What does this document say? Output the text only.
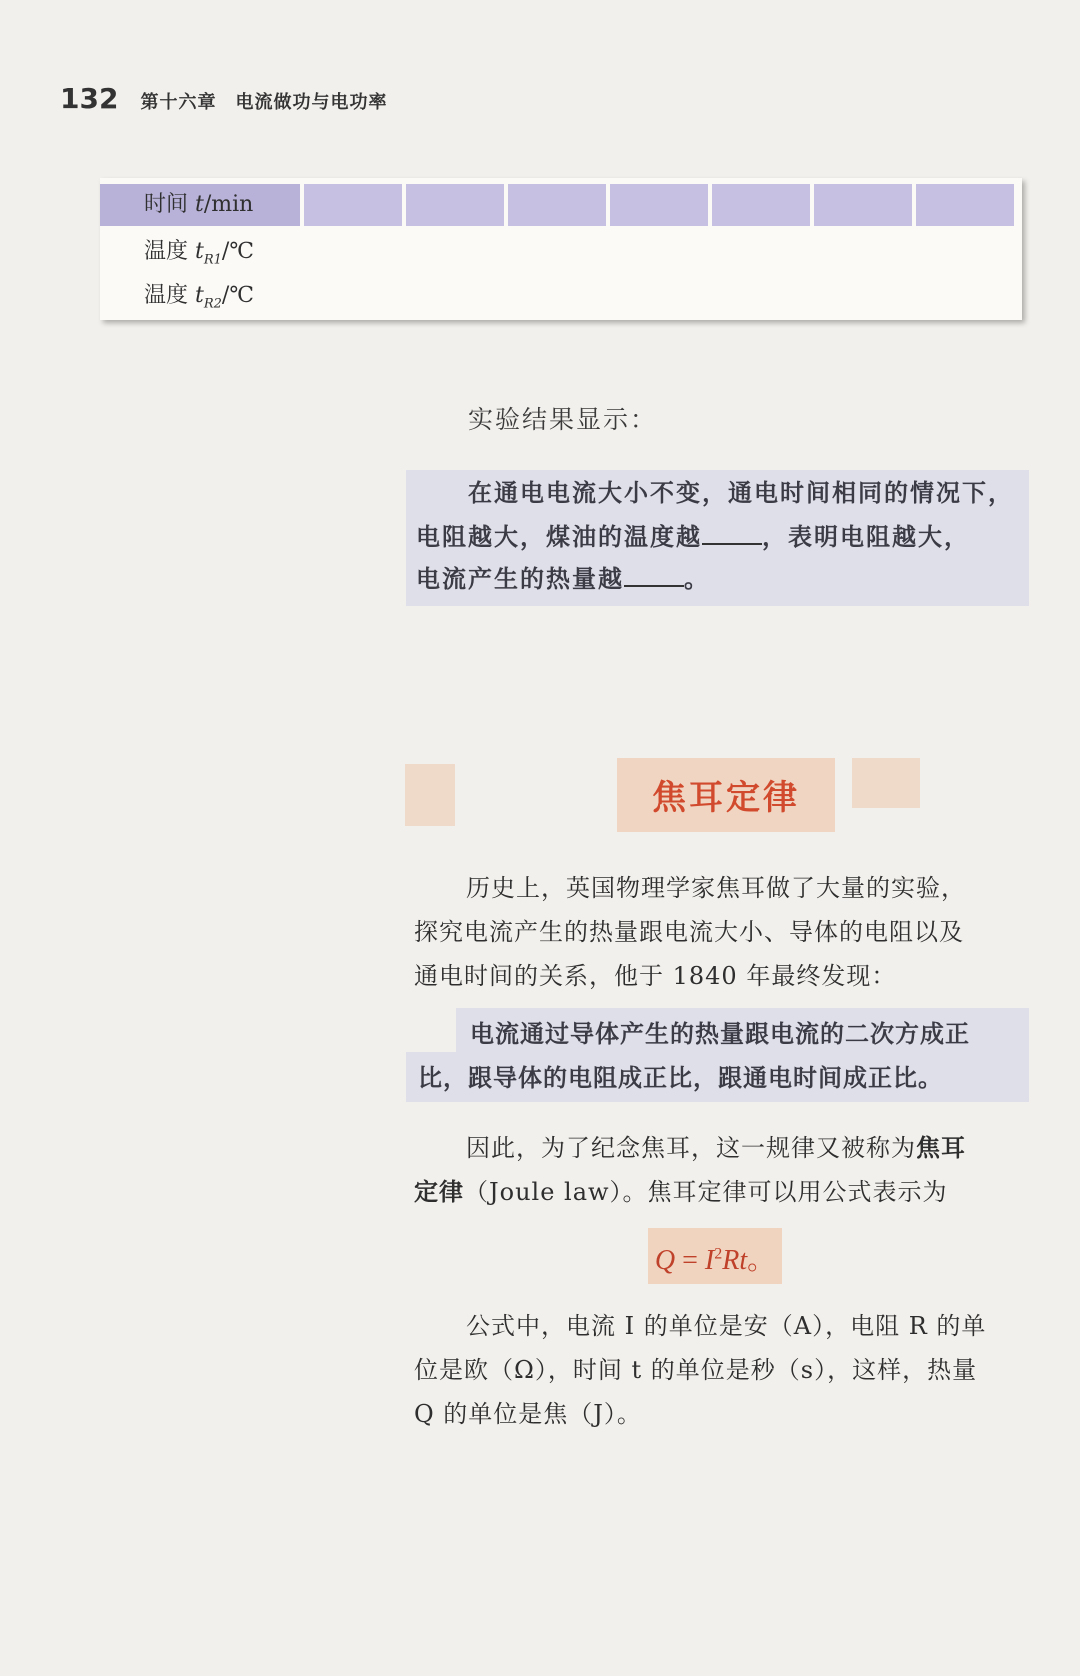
132 第十六章　电流做功与电功率
时间 t/min
温度 $t_{R1}/℃$
温度 $t_{R2}/℃$
实验结果显示：

在通电电流大小不变，通电时间相同的情况下，

电阻越大，煤油的温度越	，表明电阻越大，

电流产生的热量越	。

焦耳定律
历史上，英国物理学家焦耳做了大量的实验，
探究电流产生的热量跟电流大小、导体的电阻以及
通电时间的关系，他于 1840 年最终发现：

电流通过导体产生的热量跟电流的二次方成正

比，跟导体的电阻成正比，跟通电时间成正比。

因此，为了纪念焦耳，这一规律又被称为焦耳
定律（Joule law）。焦耳定律可以用公式表示为
$Q = I^2Rt$。
公式中，电流 I 的单位是安（A），电阻 R 的单
位是欧（Ω），时间 t 的单位是秒（s），这样，热量
Q 的单位是焦（J）。
